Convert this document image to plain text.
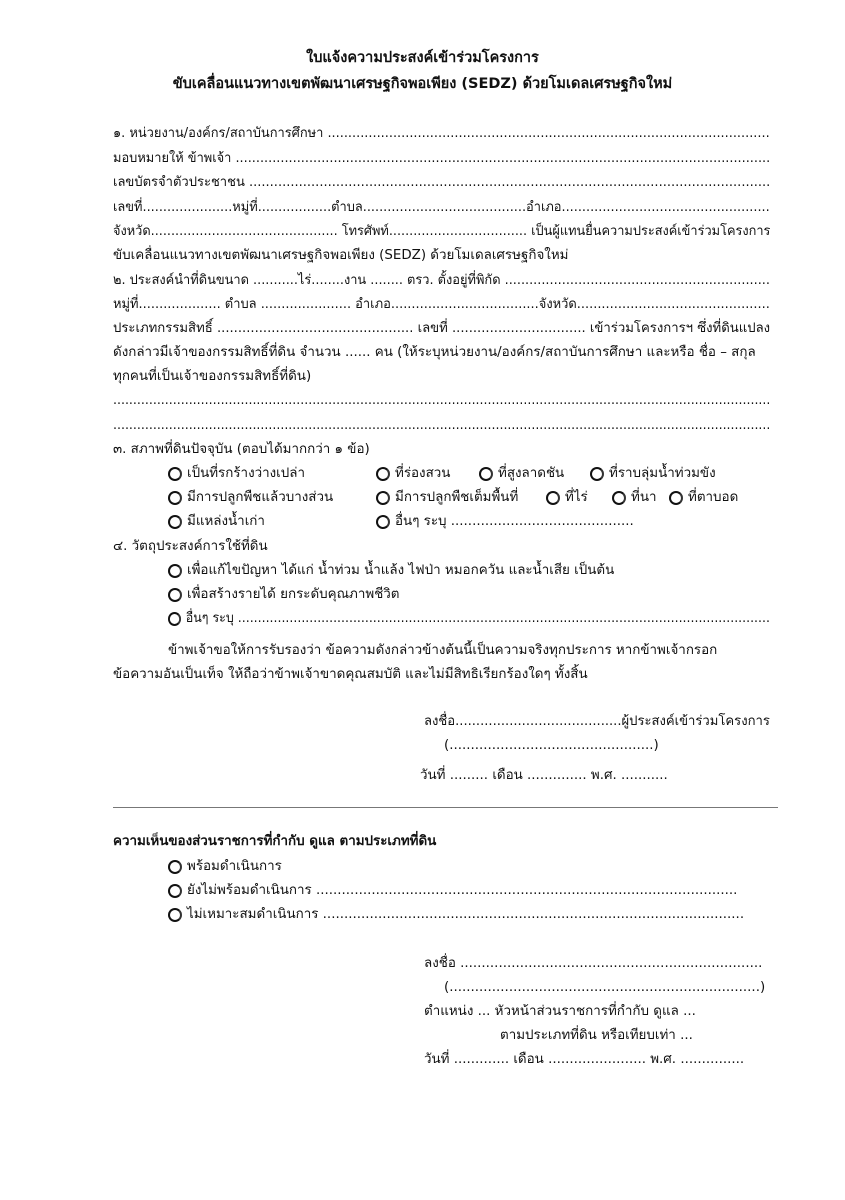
ใบแจ้งความประสงค์เข้าร่วมโครงการ
ขับเคลื่อนแนวทางเขตพัฒนาเศรษฐกิจพอเพียง (SEDZ) ด้วยโมเดลเศรษฐกิจใหม่
๑. หน่วยงาน/องค์กร/สถาบันการศึกษา ............................................................................................................
มอบหมายให้ ข้าพเจ้า ...................................................................................................................................
เลขบัตรจำตัวประชาชน ..............................................................................................................................
เลขที่......................หมู่ที่..................ตำบล........................................อำเภอ...................................................
จังหวัด.............................................. โทรศัพท์.................................. เป็นผู้แทนยื่นความประสงค์เข้าร่วมโครงการ
ขับเคลื่อนแนวทางเขตพัฒนาเศรษฐกิจพอเพียง (SEDZ) ด้วยโมเดลเศรษฐกิจใหม่
๒. ประสงค์นำที่ดินขนาด ...........ไร่........งาน ........ ตรว. ตั้งอยู่ที่พิกัด .................................................................
หมู่ที่.................... ตำบล ...................... อำเภอ....................................จังหวัด...............................................
ประเภทกรรมสิทธิ์ ............................................... เลขที่ ................................ เข้าร่วมโครงการฯ ซึ่งที่ดินแปลง
ดังกล่าวมีเจ้าของกรรมสิทธิ์ที่ดิน จำนวน ...... คน (ให้ระบุหน่วยงาน/องค์กร/สถาบันการศึกษา และหรือ ชื่อ – สกุล
ทุกคนที่เป็นเจ้าของกรรมสิทธิ์ที่ดิน)
.....................................................................................................................................................................
.....................................................................................................................................................................
๓. สภาพที่ดินปัจจุบัน (ตอบได้มากกว่า ๑ ข้อ)
เป็นที่รกร้างว่างเปล่า	ที่ร่องสวน	ที่สูงลาดชัน	ที่ราบลุ่มน้ำท่วมขัง
มีการปลูกพืชแล้วบางส่วน	มีการปลูกพืชเต็มพื้นที่	ที่ไร่	ที่นา ที่ตาบอด
มีแหล่งน้ำเก่า	อื่นๆ ระบุ ...........................................
๔. วัตถุประสงค์การใช้ที่ดิน
เพื่อแก้ไขปัญหา ได้แก่ น้ำท่วม น้ำแล้ง ไฟป่า หมอกควัน และน้ำเสีย เป็นต้น
เพื่อสร้างรายได้ ยกระดับคุณภาพชีวิต
อื่นๆ ระบุ ......................................................................................................................................
ข้าพเจ้าขอให้การรับรองว่า ข้อความดังกล่าวข้างต้นนี้เป็นความจริงทุกประการ หากข้าพเจ้ากรอก
ข้อความอันเป็นเท็จ ให้ถือว่าข้าพเจ้าขาดคุณสมบัติ และไม่มีสิทธิเรียกร้องใดๆ ทั้งสิ้น
ลงชื่อ........................................ผู้ประสงค์เข้าร่วมโครงการ
(................................................)
วันที่ ......... เดือน .............. พ.ศ. ...........
ความเห็นของส่วนราชการที่กำกับ ดูแล ตามประเภทที่ดิน
พร้อมดำเนินการ
ยังไม่พร้อมดำเนินการ ...................................................................................................
ไม่เหมาะสมดำเนินการ ...................................................................................................
ลงชื่อ .......................................................................
(.........................................................................)
ตำแหน่ง ... หัวหน้าส่วนราชการที่กำกับ ดูแล ...
ตามประเภทที่ดิน หรือเทียบเท่า ...
วันที่ ............. เดือน ....................... พ.ศ. ...............
